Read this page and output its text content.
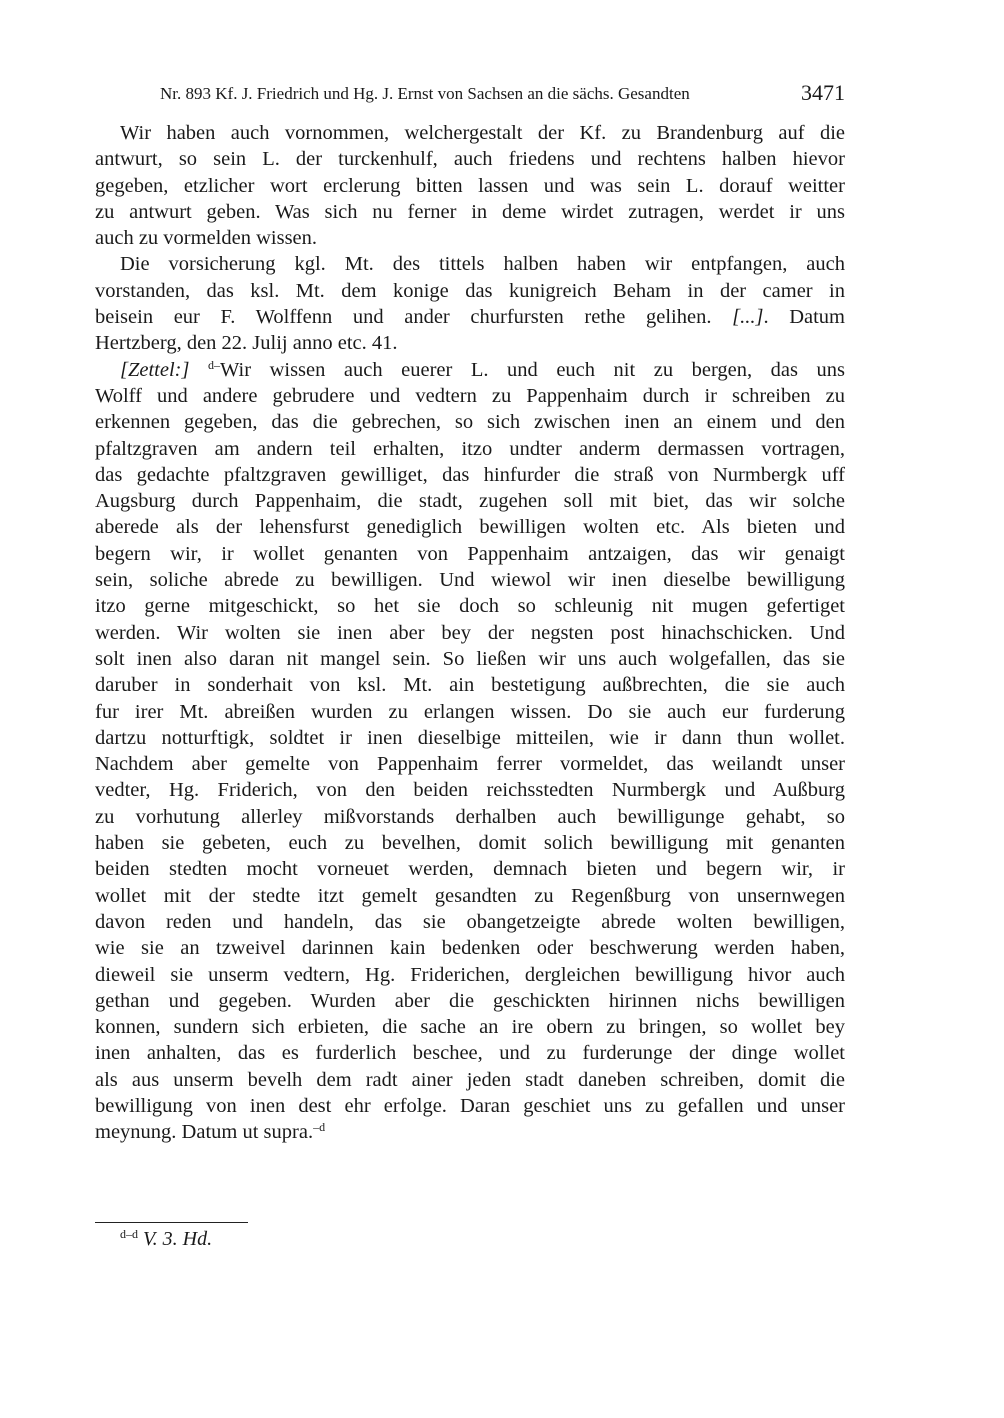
Nr. 893 Kf. J. Friedrich und Hg. J. Ernst von Sachsen an die sächs. Gesandten	3471
Wir haben auch vornommen, welchergestalt der Kf. zu Brandenburg auf die
antwurt, so sein L. der turckenhulf, auch friedens und rechtens halben hievor
gegeben, etzlicher wort erclerung bitten lassen und was sein L. dorauf weitter
zu antwurt geben. Was sich nu ferner in deme wirdet zutragen, werdet ir uns
auch zu vormelden wissen.
Die vorsicherung kgl. Mt. des tittels halben haben wir entpfangen, auch
vorstanden, das ksl. Mt. dem konige das kunigreich Beham in der camer in
beisein eur F. Wolffenn und ander churfursten rethe gelihen. [...]. Datum
Hertzberg, den 22. Julij anno etc. 41.
[Zettel:] $^{d-}$Wir wissen auch euerer L. und euch nit zu bergen, das uns
Wolff und andere gebrudere und vedtern zu Pappenhaim durch ir schreiben zu
erkennen gegeben, das die gebrechen, so sich zwischen inen an einem und den
pfaltzgraven am andern teil erhalten, itzo undter anderm dermassen vortragen,
das gedachte pfaltzgraven gewilliget, das hinfurder die straß von Nurmbergk uff
Augsburg durch Pappenhaim, die stadt, zugehen soll mit biet, das wir solche
aberede als der lehensfurst genediglich bewilligen wolten etc. Als bieten und
begern wir, ir wollet genanten von Pappenhaim antzaigen, das wir genaigt
sein, soliche abrede zu bewilligen. Und wiewol wir inen dieselbe bewilligung
itzo gerne mitgeschickt, so het sie doch so schleunig nit mugen gefertiget
werden. Wir wolten sie inen aber bey der negsten post hinachschicken. Und
solt inen also daran nit mangel sein. So ließen wir uns auch wolgefallen, das sie
daruber in sonderhait von ksl. Mt. ain bestetigung außbrechten, die sie auch
fur irer Mt. abreißen wurden zu erlangen wissen. Do sie auch eur furderung
dartzu notturftigk, soldtet ir inen dieselbige mitteilen, wie ir dann thun wollet.
Nachdem aber gemelte von Pappenhaim ferrer vormeldet, das weilandt unser
vedter, Hg. Friderich, von den beiden reichsstedten Nurmbergk und Außburg
zu vorhutung allerley mißvorstands derhalben auch bewilligunge gehabt, so
haben sie gebeten, euch zu bevelhen, domit solich bewilligung mit genanten
beiden stedten mocht vorneuet werden, demnach bieten und begern wir, ir
wollet mit der stedte itzt gemelt gesandten zu Regenßburg von unsernwegen
davon reden und handeln, das sie obangetzeigte abrede wolten bewilligen,
wie sie an tzweivel darinnen kain bedenken oder beschwerung werden haben,
dieweil sie unserm vedtern, Hg. Friderichen, dergleichen bewilligung hivor auch
gethan und gegeben. Wurden aber die geschickten hirinnen nichs bewilligen
konnen, sundern sich erbieten, die sache an ire obern zu bringen, so wollet bey
inen anhalten, das es furderlich beschee, und zu furderunge der dinge wollet
als aus unserm bevelh dem radt ainer jeden stadt daneben schreiben, domit die
bewilligung von inen dest ehr erfolge. Daran geschiet uns zu gefallen und unser
meynung. Datum ut supra.$^{-d}$
$^{d-d}$ V. 3. Hd.
